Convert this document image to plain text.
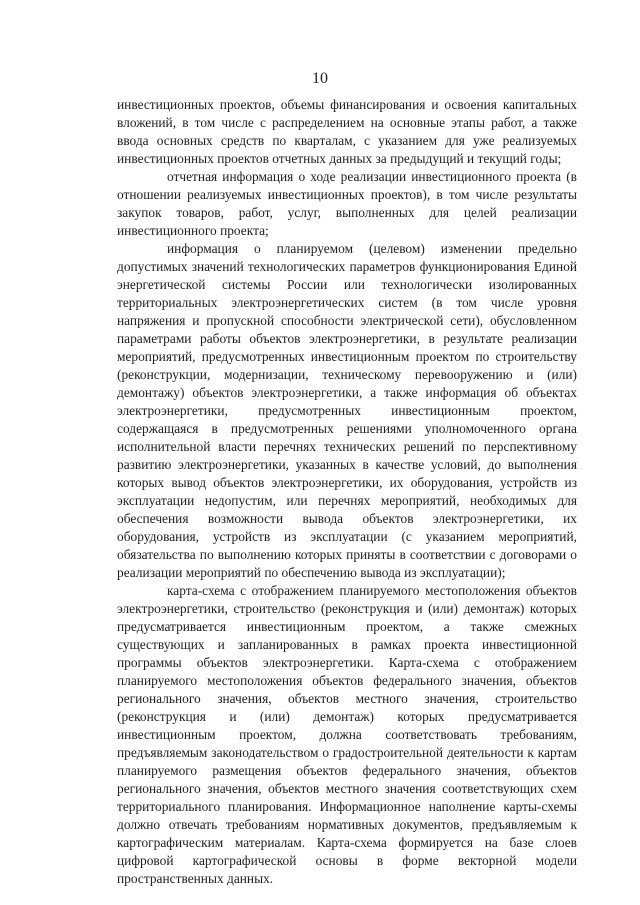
10

инвестиционных проектов, объемы финансирования и освоения капитальных вложений, в том числе с распределением на основные этапы работ, а также ввода основных средств по кварталам, с указанием для уже реализуемых инвестиционных проектов отчетных данных за предыдущий и текущий годы;

отчетная информация о ходе реализации инвестиционного проекта (в отношении реализуемых инвестиционных проектов), в том числе результаты закупок товаров, работ, услуг, выполненных для целей реализации инвестиционного проекта;

информация о планируемом (целевом) изменении предельно допустимых значений технологических параметров функционирования Единой энергетической системы России или технологически изолированных территориальных электроэнергетических систем (в том числе уровня напряжения и пропускной способности электрической сети), обусловленном параметрами работы объектов электроэнергетики, в результате реализации мероприятий, предусмотренных инвестиционным проектом по строительству (реконструкции, модернизации, техническому перевооружению и (или) демонтажу) объектов электроэнергетики, а также информация об объектах электроэнергетики, предусмотренных инвестиционным проектом, содержащаяся в предусмотренных решениями уполномоченного органа исполнительной власти перечнях технических решений по перспективному развитию электроэнергетики, указанных в качестве условий, до выполнения которых вывод объектов электроэнергетики, их оборудования, устройств из эксплуатации недопустим, или перечнях мероприятий, необходимых для обеспечения возможности вывода объектов электроэнергетики, их оборудования, устройств из эксплуатации (с указанием мероприятий, обязательства по выполнению которых приняты в соответствии с договорами о реализации мероприятий по обеспечению вывода из эксплуатации);

карта-схема с отображением планируемого местоположения объектов электроэнергетики, строительство (реконструкция и (или) демонтаж) которых предусматривается инвестиционным проектом, а также смежных существующих и запланированных в рамках проекта инвестиционной программы объектов электроэнергетики. Карта-схема с отображением планируемого местоположения объектов федерального значения, объектов регионального значения, объектов местного значения, строительство (реконструкция и (или) демонтаж) которых предусматривается инвестиционным проектом, должна соответствовать требованиям, предъявляемым законодательством о градостроительной деятельности к картам планируемого размещения объектов федерального значения, объектов регионального значения, объектов местного значения соответствующих схем территориального планирования. Информационное наполнение карты-схемы должно отвечать требованиям нормативных документов, предъявляемым к картографическим материалам. Карта-схема формируется на базе слоев цифровой картографической основы в форме векторной модели пространственных данных.
